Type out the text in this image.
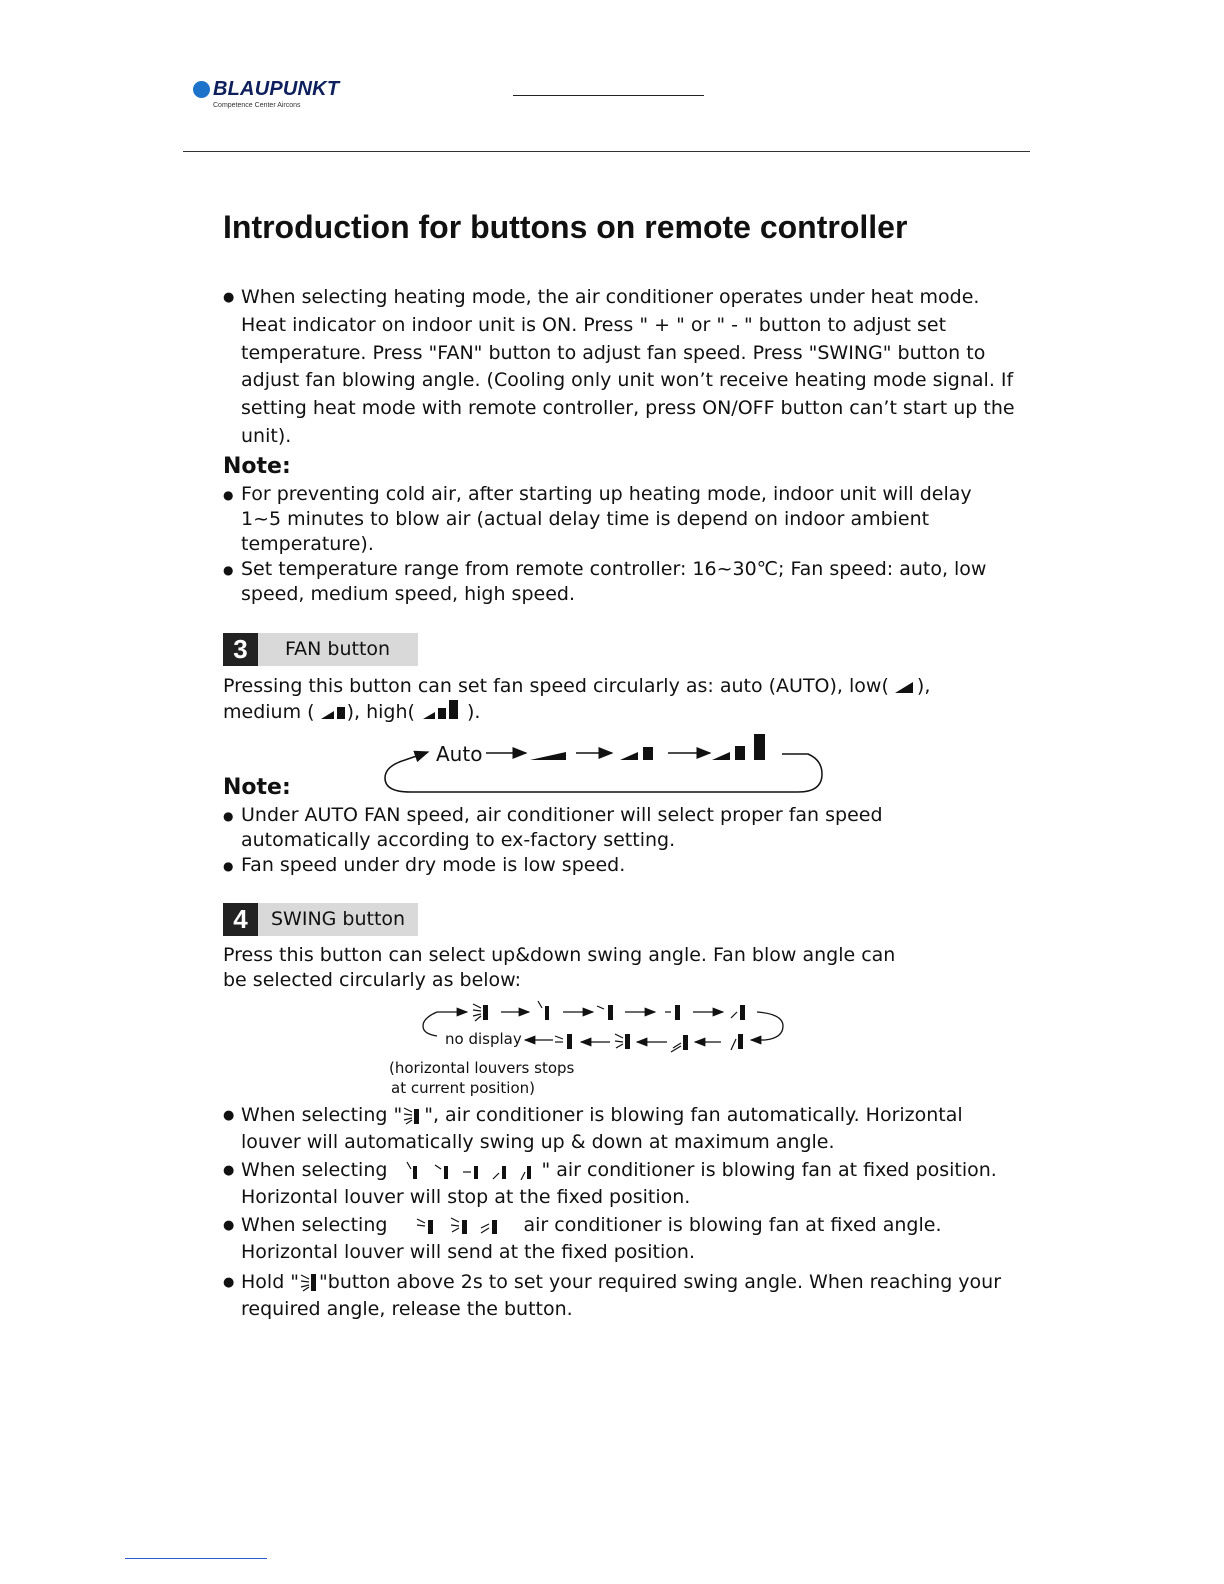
BLAUPUNKT
Competence Center Aircons
Introduction for buttons on remote controller

● When selecting heating mode, the air conditioner operates under heat mode. Heat indicator on indoor unit is ON. Press " + " or " - " button to adjust set temperature. Press "FAN" button to adjust fan speed. Press "SWING" button to adjust fan blowing angle. (Cooling only unit won’t receive heating mode signal. If setting heat mode with remote controller, press ON/OFF button can’t start up the unit).

Note:

● For preventing cold air, after starting up heating mode, indoor unit will delay 1~5 minutes to blow air (actual delay time is depend on indoor ambient temperature).
● Set temperature range from remote controller: 16~30℃; Fan speed: auto, low speed, medium speed, high speed.
3	FAN button
Pressing this button can set fan speed circularly as: auto (AUTO), low( ),
medium ( ), high(	).
Auto

Note:

● Under AUTO FAN speed, air conditioner will select proper fan speed automatically according to ex-factory setting.
● Fan speed under dry mode is low speed.
4	SWING button
Press this button can select up&down swing angle. Fan blow angle can be selected circularly as below:
no display
(horizontal louvers stops
at current position)
● When selecting " ", air conditioner is blowing fan automatically. Horizontal louver will automatically swing up & down at maximum angle.
● When selecting	" air conditioner is blowing fan at fixed position. Horizontal louver will stop at the fixed position.
● When selecting	air conditioner is blowing fan at fixed angle. Horizontal louver will send at the fixed position.
● Hold " "button above 2s to set your required swing angle. When reaching your required angle, release the button.
